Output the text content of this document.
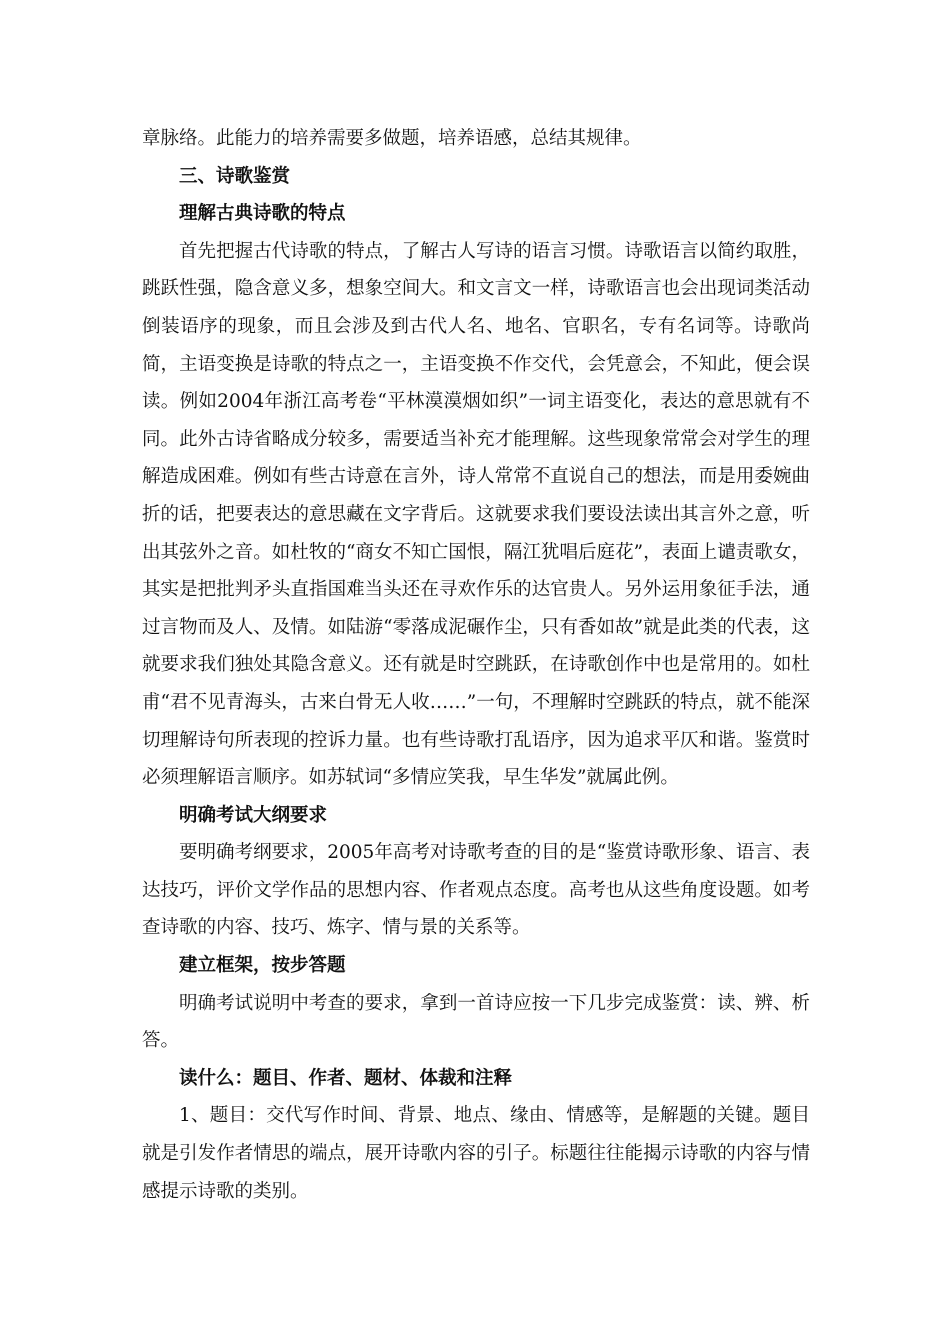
章脉络。此能力的培养需要多做题，培养语感，总结其规律。

三、诗歌鉴赏

理解古典诗歌的特点

首先把握古代诗歌的特点，了解古人写诗的语言习惯。诗歌语言以简约取胜，跳跃性强，隐含意义多，想象空间大。和文言文一样，诗歌语言也会出现词类活动倒装语序的现象，而且会涉及到古代人名、地名、官职名，专有名词等。诗歌尚简，主语变换是诗歌的特点之一，主语变换不作交代，会凭意会，不知此，便会误读。例如2004年浙江高考卷“平林漠漠烟如织”一词主语变化，表达的意思就有不同。此外古诗省略成分较多，需要适当补充才能理解。这些现象常常会对学生的理解造成困难。例如有些古诗意在言外，诗人常常不直说自己的想法，而是用委婉曲折的话，把要表达的意思藏在文字背后。这就要求我们要设法读出其言外之意，听出其弦外之音。如杜牧的“商女不知亡国恨，隔江犹唱后庭花”，表面上谴责歌女，其实是把批判矛头直指国难当头还在寻欢作乐的达官贵人。另外运用象征手法，通过言物而及人、及情。如陆游“零落成泥碾作尘，只有香如故”就是此类的代表，这就要求我们独处其隐含意义。还有就是时空跳跃，在诗歌创作中也是常用的。如杜甫“君不见青海头，古来白骨无人收……”一句，不理解时空跳跃的特点，就不能深切理解诗句所表现的控诉力量。也有些诗歌打乱语序，因为追求平仄和谐。鉴赏时必须理解语言顺序。如苏轼词“多情应笑我，早生华发”就属此例。

明确考试大纲要求

要明确考纲要求，2005年高考对诗歌考查的目的是“鉴赏诗歌形象、语言、表达技巧，评价文学作品的思想内容、作者观点态度。高考也从这些角度设题。如考查诗歌的内容、技巧、炼字、情与景的关系等。

建立框架，按步答题

明确考试说明中考查的要求，拿到一首诗应按一下几步完成鉴赏：读、辨、析答。

读什么：题目、作者、题材、体裁和注释

1、题目：交代写作时间、背景、地点、缘由、情感等，是解题的关键。题目就是引发作者情思的端点，展开诗歌内容的引子。标题往往能揭示诗歌的内容与情感提示诗歌的类别。
